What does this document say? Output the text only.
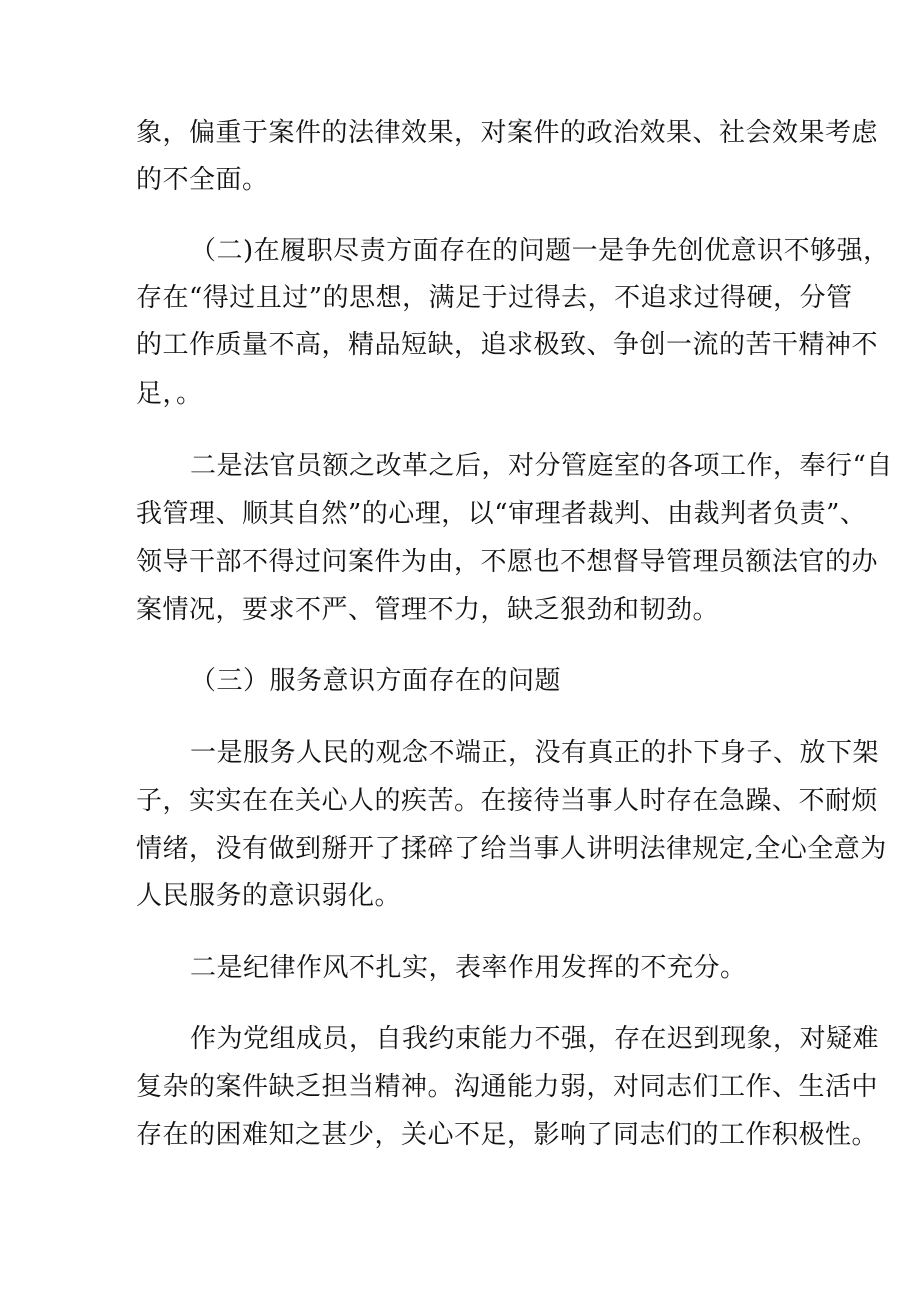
象，偏重于案件的法律效果，对案件的政治效果、社会效果考虑
的不全面。
（二)在履职尽责方面存在的问题一是争先创优意识不够强，
存在“得过且过”的思想，满足于过得去，不追求过得硬，分管
的工作质量不高，精品短缺，追求极致、争创一流的苦干精神不
足，。
二是法官员额之改革之后，对分管庭室的各项工作，奉行“自
我管理、顺其自然”的心理，以“审理者裁判、由裁判者负责”、
领导干部不得过问案件为由，不愿也不想督导管理员额法官的办
案情况，要求不严、管理不力，缺乏狠劲和韧劲。
（三）服务意识方面存在的问题
一是服务人民的观念不端正，没有真正的扑下身子、放下架
子，实实在在关心人的疾苦。在接待当事人时存在急躁、不耐烦
情绪，没有做到掰开了揉碎了给当事人讲明法律规定,全心全意为
人民服务的意识弱化。
二是纪律作风不扎实，表率作用发挥的不充分。
作为党组成员，自我约束能力不强，存在迟到现象，对疑难
复杂的案件缺乏担当精神。沟通能力弱，对同志们工作、生活中
存在的困难知之甚少，关心不足，影响了同志们的工作积极性。
